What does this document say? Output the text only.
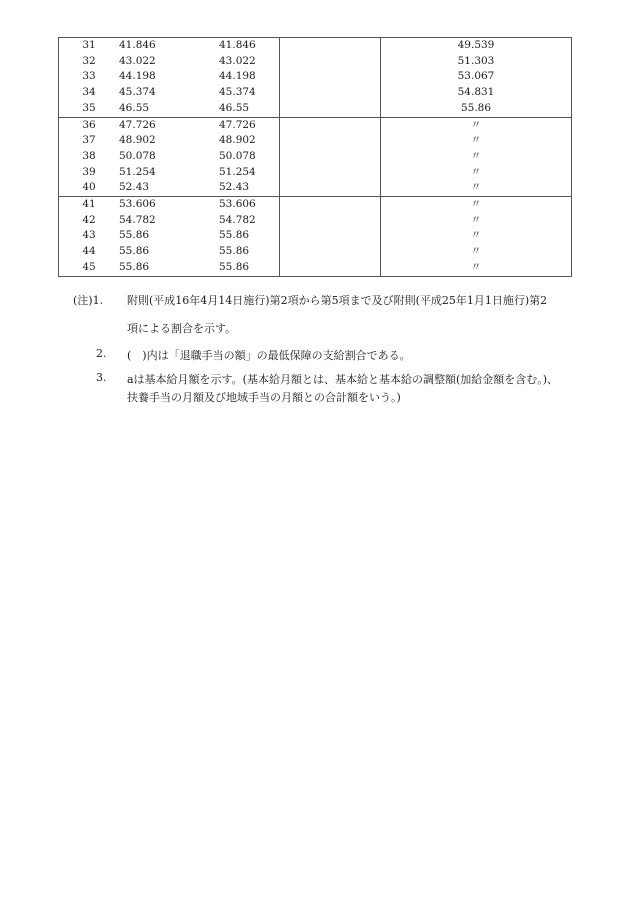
31	41.846	41.846		49.539
32	43.022	43.022		51.303
33	44.198	44.198		53.067
34	45.374	45.374		54.831
35	46.55	46.55		55.86
36	47.726	47.726		〃
37	48.902	48.902		〃
38	50.078	50.078		〃
39	51.254	51.254		〃
40	52.43	52.43		〃
41	53.606	53.606		〃
42	54.782	54.782		〃
43	55.86	55.86		〃
44	55.86	55.86		〃
45	55.86	55.86		〃
(注)1. 附則(平成16年4月14日施行)第2項から第5項まで及び附則(平成25年1月1日施行)第2
項による割合を示す。
2. (　)内は「退職手当の額」の最低保障の支給割合である。
3. aは基本給月額を示す。(基本給月額とは、基本給と基本給の調整額(加給金額を含む。)、
扶養手当の月額及び地域手当の月額との合計額をいう。)
